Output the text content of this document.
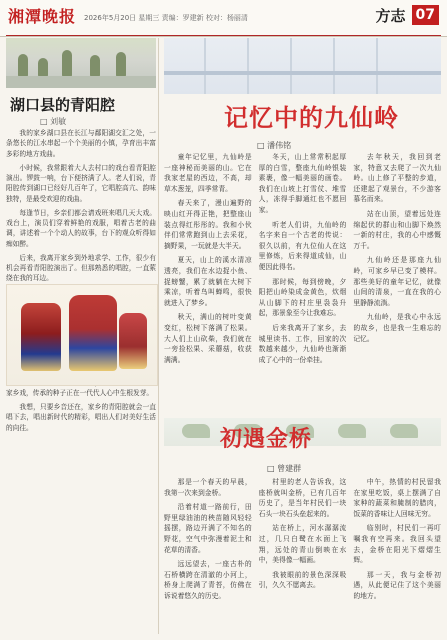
湘潭晚报 2026年5月20日 星期三 责编：罗建新 校对：杨丽清	方志 07
湖口县的青阳腔
□ 刘敏

我的家乡湖口县在长江与鄱阳湖交汇之处，一条悠长的江水串起一个个美丽的小镇，孕育出丰富多彩的地方戏曲。

小时候，我常跟着大人去村口的戏台看青阳腔演出。锣鼓一响，台下便挤满了人。老人们说，青阳腔传到湖口已经好几百年了，它唱腔高亢、韵味独特，是最受欢迎的戏曲。

每逢节日，乡亲们都会请戏班来唱几天大戏。戏台上，演员们穿着鲜艳的戏服，唱着古老的曲调，讲述着一个个动人的故事，台下的观众听得如痴如醉。

后来，我离开家乡到外地求学、工作，很少有机会再看青阳腔演出了。但那熟悉的唱腔，一直萦绕在我的耳边。

家乡戏，传承的种子正在一代代人心中生根发芽。

我想，只要乡音还在，家乡的青阳腔就会一直唱下去，唱出新时代的精彩，唱出人们对美好生活的向往。

记忆中的九仙岭
□ 潘伟铭

童年记忆里，九仙岭是一座神秘而美丽的山。它在我家老屋的西边，不高，却草木葱茏，四季常青。

春天来了，漫山遍野的映山红开得正艳，把整座山装点得红彤彤的。我和小伙伴们常常跑到山上去采花，摘野果，一玩就是大半天。

夏天，山上的溪水清凉透亮，我们在水边捉小鱼、捉螃蟹，累了就躺在大树下乘凉，听着鸟叫蝉鸣，很快就进入了梦乡。

秋天，满山的树叶变黄变红，松树下落满了松果。大人们上山砍柴，我们就在一旁捡松果、采蘑菇，收获满满。

冬天，山上常常积起厚厚的白雪，整座九仙岭银装素裹，像一幅美丽的画卷。我们在山坡上打雪仗、堆雪人，冻得手脚通红也不愿回家。

听老人们讲，九仙岭的名字来自一个古老的传说：很久以前，有九位仙人在这里修炼，后来得道成仙，山便因此得名。

那时候，每到傍晚，夕阳把山岭染成金黄色，炊烟从山脚下的村庄里袅袅升起，那景象至今让我难忘。

后来我离开了家乡，去城里读书、工作，回家的次数越来越少，九仙岭也渐渐成了心中的一份牵挂。

去年秋天，我回到老家，特意又去爬了一次九仙岭。山上修了平整的步道，还建起了观景台，不少游客慕名而来。

站在山顶，望着远处连绵起伏的群山和山脚下焕然一新的村庄，我的心中感慨万千。

九仙岭还是那座九仙岭，可家乡早已变了模样。那些美好的童年记忆，就像山间的清泉，一直在我的心里静静流淌。

九仙岭，是我心中永远的故乡，也是我一生难忘的记忆。

初遇金桥
□ 曾建群

那是一个春天的早晨，我第一次来到金桥。

沿着村道一路前行，田野里绿油油的秧苗随风轻轻摇摆，路边开满了不知名的野花，空气中弥漫着泥土和花草的清香。

远远望去，一座古朴的石桥横跨在清澈的小河上，桥身上爬满了青苔，仿佛在诉说着悠久的历史。

村里的老人告诉我，这座桥就叫金桥，已有几百年历史了，是当年村民们一块石头一块石头垒起来的。

站在桥上，河水潺潺流过，几只白鹭在水面上飞翔，远处的青山倒映在水中，美得像一幅画。

我被眼前的景色深深吸引，久久不愿离去。

中午，热情的村民留我在家里吃饭，桌上摆满了自家种的蔬菜和腌制的腊肉，饭菜的香味让人回味无穷。

临别时，村民们一再叮嘱我有空再来。我回头望去，金桥在阳光下熠熠生辉。

那一天，我与金桥初遇，从此便记住了这个美丽的地方。
